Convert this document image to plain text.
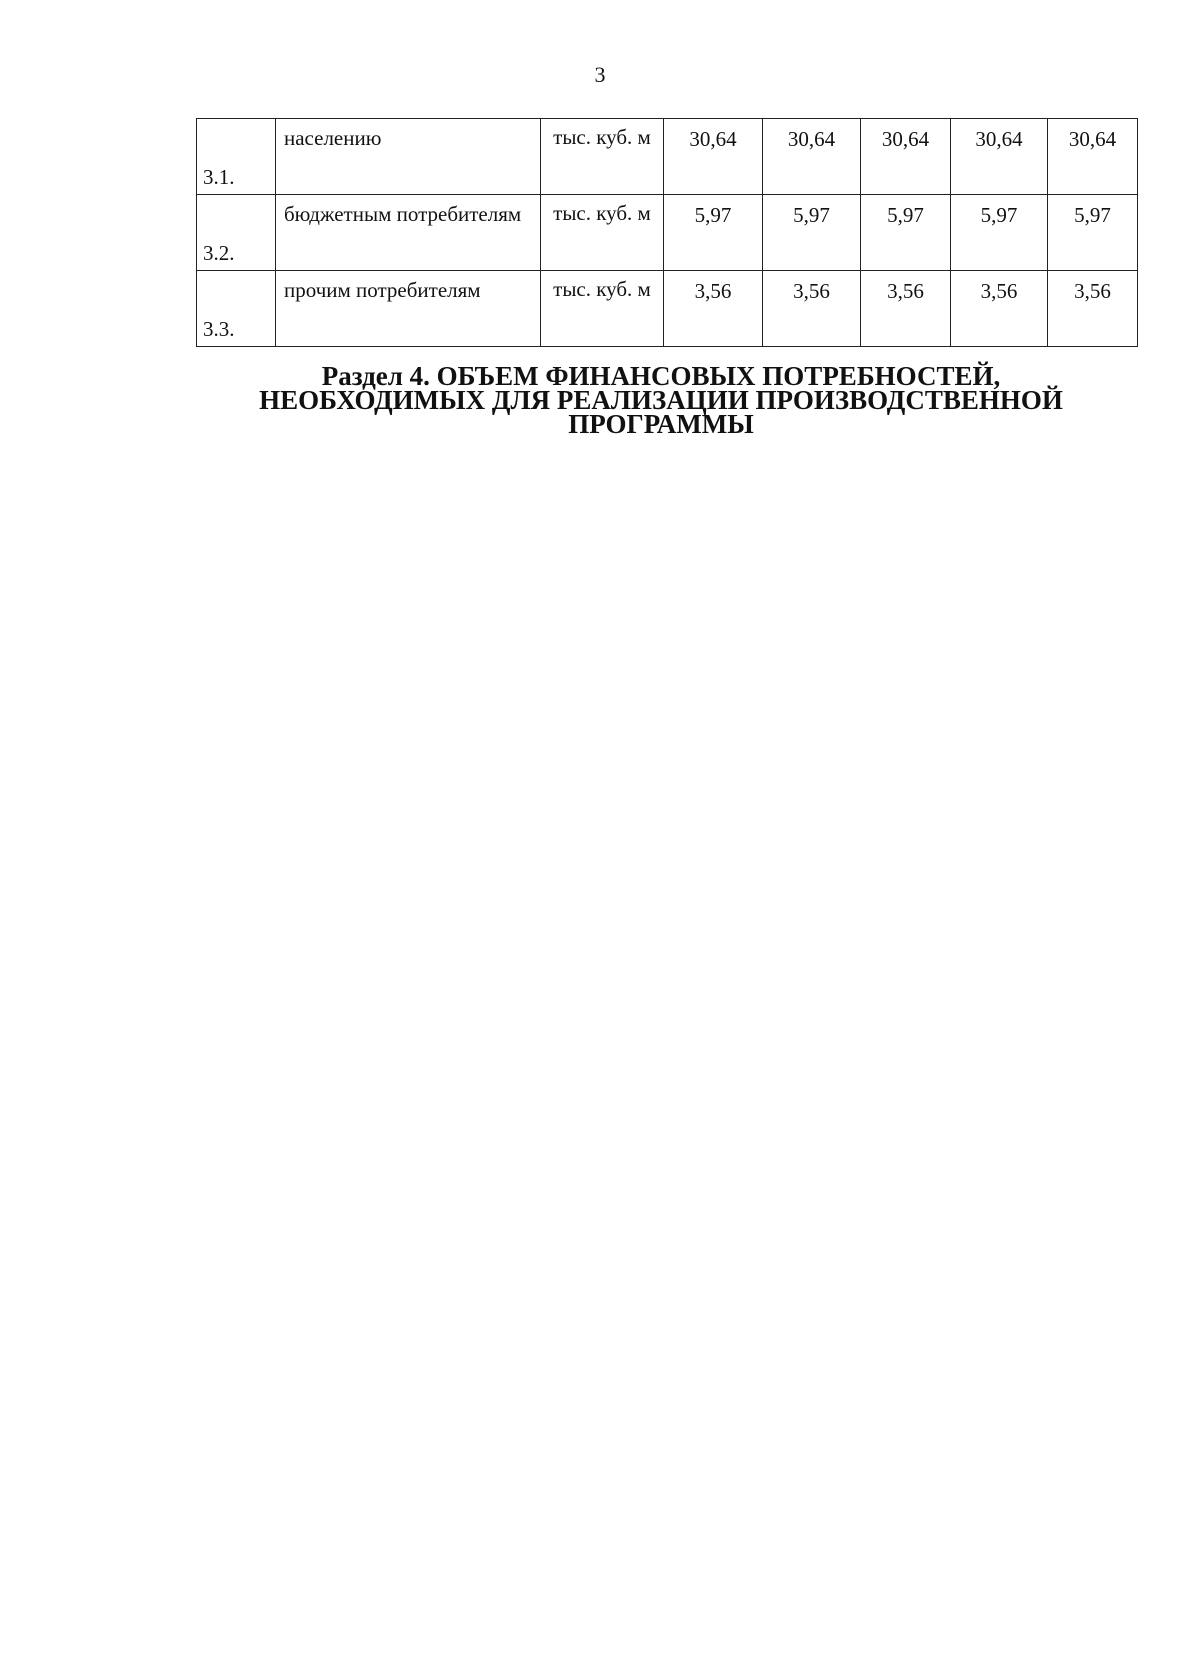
3
3.1.	населению	тыс. куб. м	30,64	30,64	30,64	30,64	30,64
3.2.	бюджетным потребителям	тыс. куб. м	5,97	5,97	5,97	5,97	5,97
3.3.	прочим потребителям	тыс. куб. м	3,56	3,56	3,56	3,56	3,56
Раздел 4. ОБЪЕМ ФИНАНСОВЫХ ПОТРЕБНОСТЕЙ,
НЕОБХОДИМЫХ ДЛЯ РЕАЛИЗАЦИИ ПРОИЗВОДСТВЕННОЙ
ПРОГРАММЫ
